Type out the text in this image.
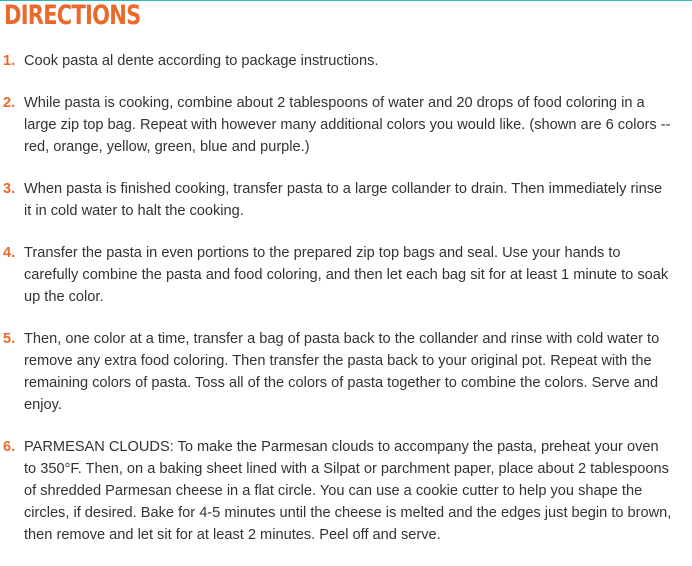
DIRECTIONS
1. Cook pasta al dente according to package instructions.
2. While pasta is cooking, combine about 2 tablespoons of water and 20 drops of food coloring in a large zip top bag. Repeat with however many additional colors you would like. (shown are 6 colors -- red, orange, yellow, green, blue and purple.)
3. When pasta is finished cooking, transfer pasta to a large collander to drain. Then immediately rinse it in cold water to halt the cooking.
4. Transfer the pasta in even portions to the prepared zip top bags and seal. Use your hands to carefully combine the pasta and food coloring, and then let each bag sit for at least 1 minute to soak up the color.
5. Then, one color at a time, transfer a bag of pasta back to the collander and rinse with cold water to remove any extra food coloring. Then transfer the pasta back to your original pot. Repeat with the remaining colors of pasta. Toss all of the colors of pasta together to combine the colors. Serve and enjoy.
6. PARMESAN CLOUDS: To make the Parmesan clouds to accompany the pasta, preheat your oven to 350°F. Then, on a baking sheet lined with a Silpat or parchment paper, place about 2 tablespoons of shredded Parmesan cheese in a flat circle. You can use a cookie cutter to help you shape the circles, if desired. Bake for 4-5 minutes until the cheese is melted and the edges just begin to brown, then remove and let sit for at least 2 minutes. Peel off and serve.
